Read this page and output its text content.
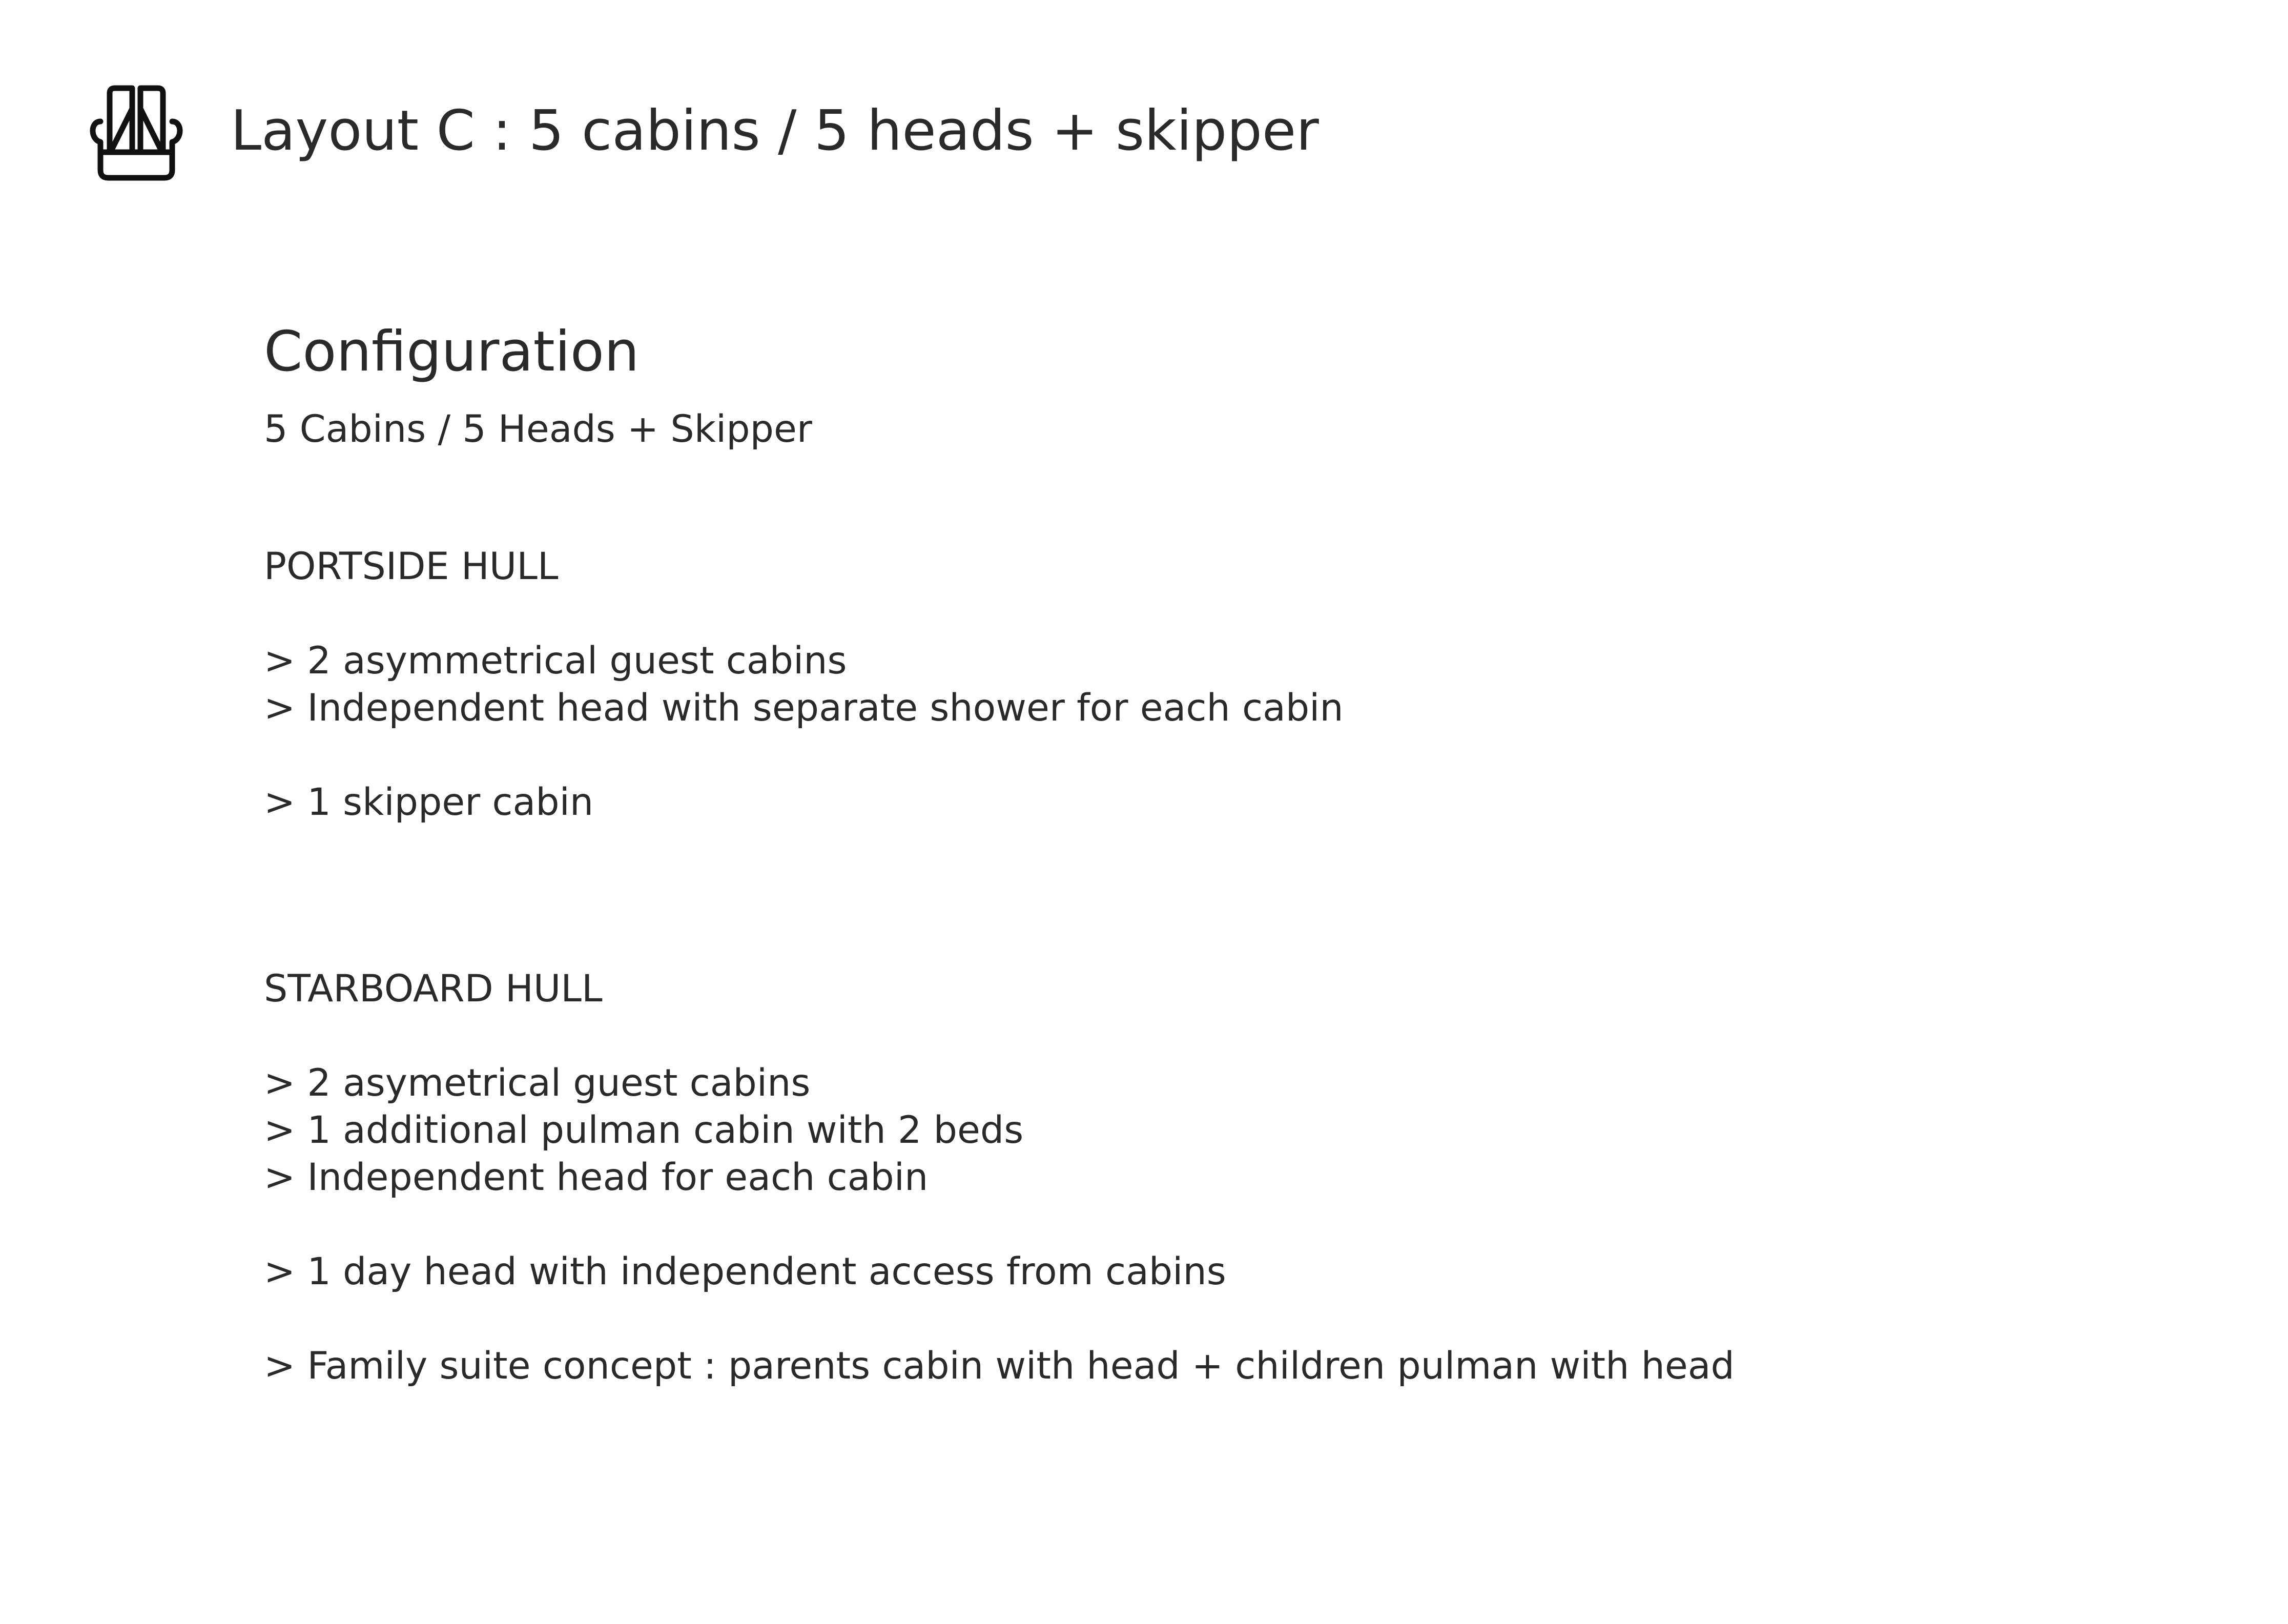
Layout C : 5 cabins / 5 heads + skipper
Configuration

5 Cabins / 5 Heads + Skipper

PORTSIDE HULL
> 2 asymmetrical guest cabins
> Independent head with separate shower for each cabin
> 1 skipper cabin
STARBOARD HULL
> 2 asymetrical guest cabins
> 1 additional pulman cabin with 2 beds
> Independent head for each cabin
> 1 day head with independent access from cabins
> Family suite concept : parents cabin with head + children pulman with head
